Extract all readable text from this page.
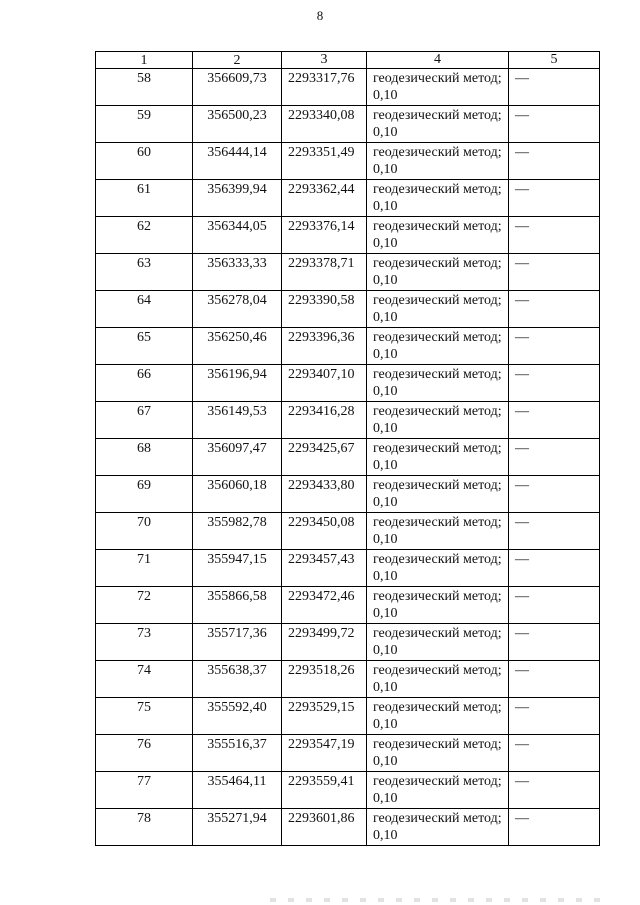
8
1	2	3	4	5
58	356609,73	2293317,76	геодезический метод; 0,10	—
59	356500,23	2293340,08	геодезический метод; 0,10	—
60	356444,14	2293351,49	геодезический метод; 0,10	—
61	356399,94	2293362,44	геодезический метод; 0,10	—
62	356344,05	2293376,14	геодезический метод; 0,10	—
63	356333,33	2293378,71	геодезический метод; 0,10	—
64	356278,04	2293390,58	геодезический метод; 0,10	—
65	356250,46	2293396,36	геодезический метод; 0,10	—
66	356196,94	2293407,10	геодезический метод; 0,10	—
67	356149,53	2293416,28	геодезический метод; 0,10	—
68	356097,47	2293425,67	геодезический метод; 0,10	—
69	356060,18	2293433,80	геодезический метод; 0,10	—
70	355982,78	2293450,08	геодезический метод; 0,10	—
71	355947,15	2293457,43	геодезический метод; 0,10	—
72	355866,58	2293472,46	геодезический метод; 0,10	—
73	355717,36	2293499,72	геодезический метод; 0,10	—
74	355638,37	2293518,26	геодезический метод; 0,10	—
75	355592,40	2293529,15	геодезический метод; 0,10	—
76	355516,37	2293547,19	геодезический метод; 0,10	—
77	355464,11	2293559,41	геодезический метод; 0,10	—
78	355271,94	2293601,86	геодезический метод; 0,10	—
